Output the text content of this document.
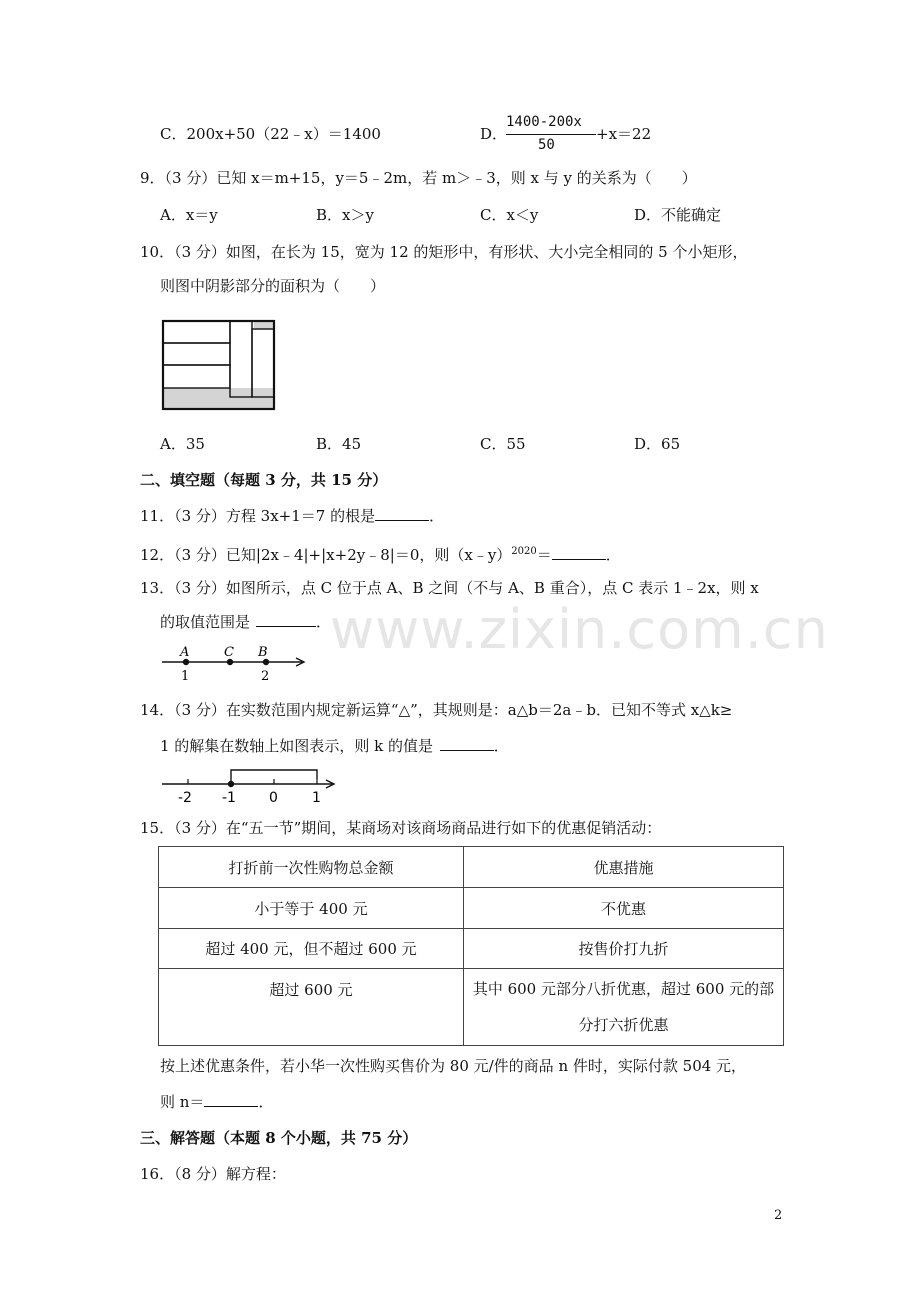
www.zixin.com.cn
C．200x+50（22﹣x）＝1400	D．
1400-200x
50
+x＝22
9．（3 分）已知 x＝m+15，y＝5﹣2m，若 m＞﹣3，则 x 与 y 的关系为（　　）
A．x＝y	B．x＞y	C．x＜y	D．不能确定
10．（3 分）如图，在长为 15，宽为 12 的矩形中，有形状、大小完全相同的 5 个小矩形，
则图中阴影部分的面积为（　　）
A．35	B．45	C．55	D．65
二、填空题（每题 3 分，共 15 分）
11．（3 分）方程 3x+1＝7 的根是	．
12．（3 分）已知|2x﹣4|+|x+2y﹣8|＝0，则（x﹣y）$^{2020}$＝	．
13．（3 分）如图所示，点 C 位于点 A、B 之间（不与 A、B 重合），点 C 表示 1﹣2x，则 x
的取值范围是	．
A	C B
1	2
14．（3 分）在实数范围内规定新运算“△”，其规则是：a△b＝2a﹣b．已知不等式 x△k≥
1 的解集在数轴上如图表示，则 k 的值是	．
-2 -1 0 1
15．（3 分）在“五一节”期间，某商场对该商场商品进行如下的优惠促销活动：
打折前一次性购物总金额	优惠措施
小于等于 400 元	不优惠
超过 400 元，但不超过 600 元	按售价打九折
超过 600 元	其中 600 元部分八折优惠，超过 600 元的部分打六折优惠
按上述优惠条件，若小华一次性购买售价为 80 元/件的商品 n 件时，实际付款 504 元，
则 n＝	．
三、解答题（本题 8 个小题，共 75 分）
16．（8 分）解方程：
2
